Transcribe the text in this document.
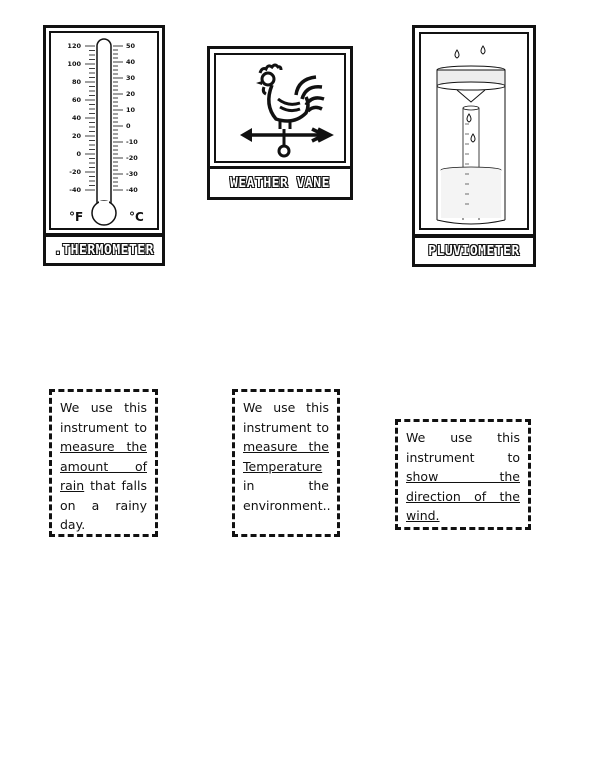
120
100
80
60
40
20
0
-20
-40
50
40
30
20
10
0
-10
-20
-30
-40
°F	°C
.THERMOMETER
WEATHER VANE
PLUVIOMETER
We use this instrument to measure the amount of rain that falls on a rainy day.
We use this instrument to measure the Temperature in the environment..
We use this instrument to show the direction of the wind.
